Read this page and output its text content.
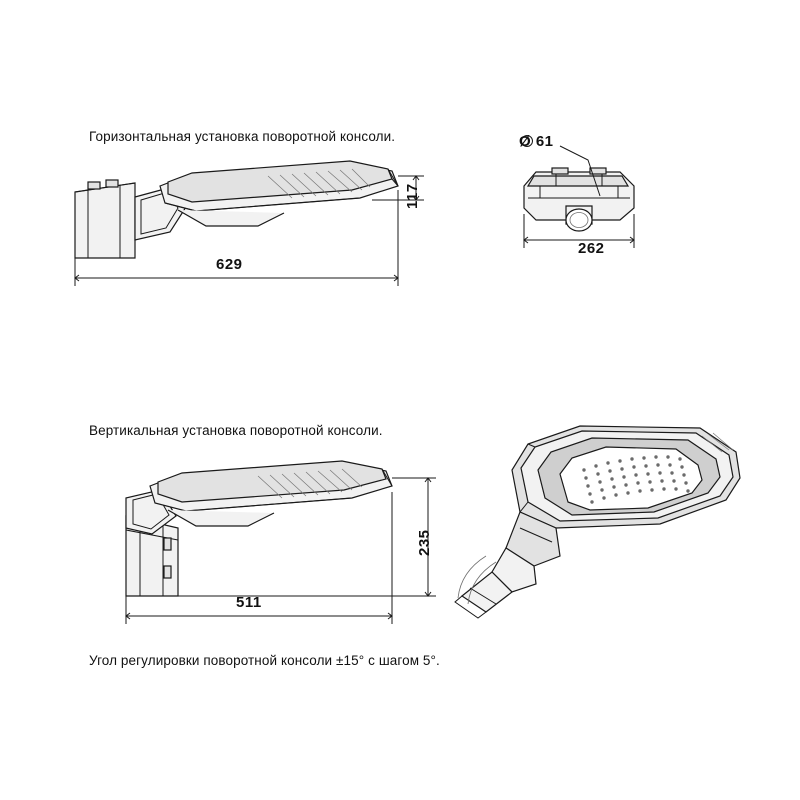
Горизонтальная установка поворотной консоли.
Вертикальная установка поворотной консоли.
Угол регулировки поворотной консоли ±15° с шагом 5°.
629
117
262
Ø 61
235
511
